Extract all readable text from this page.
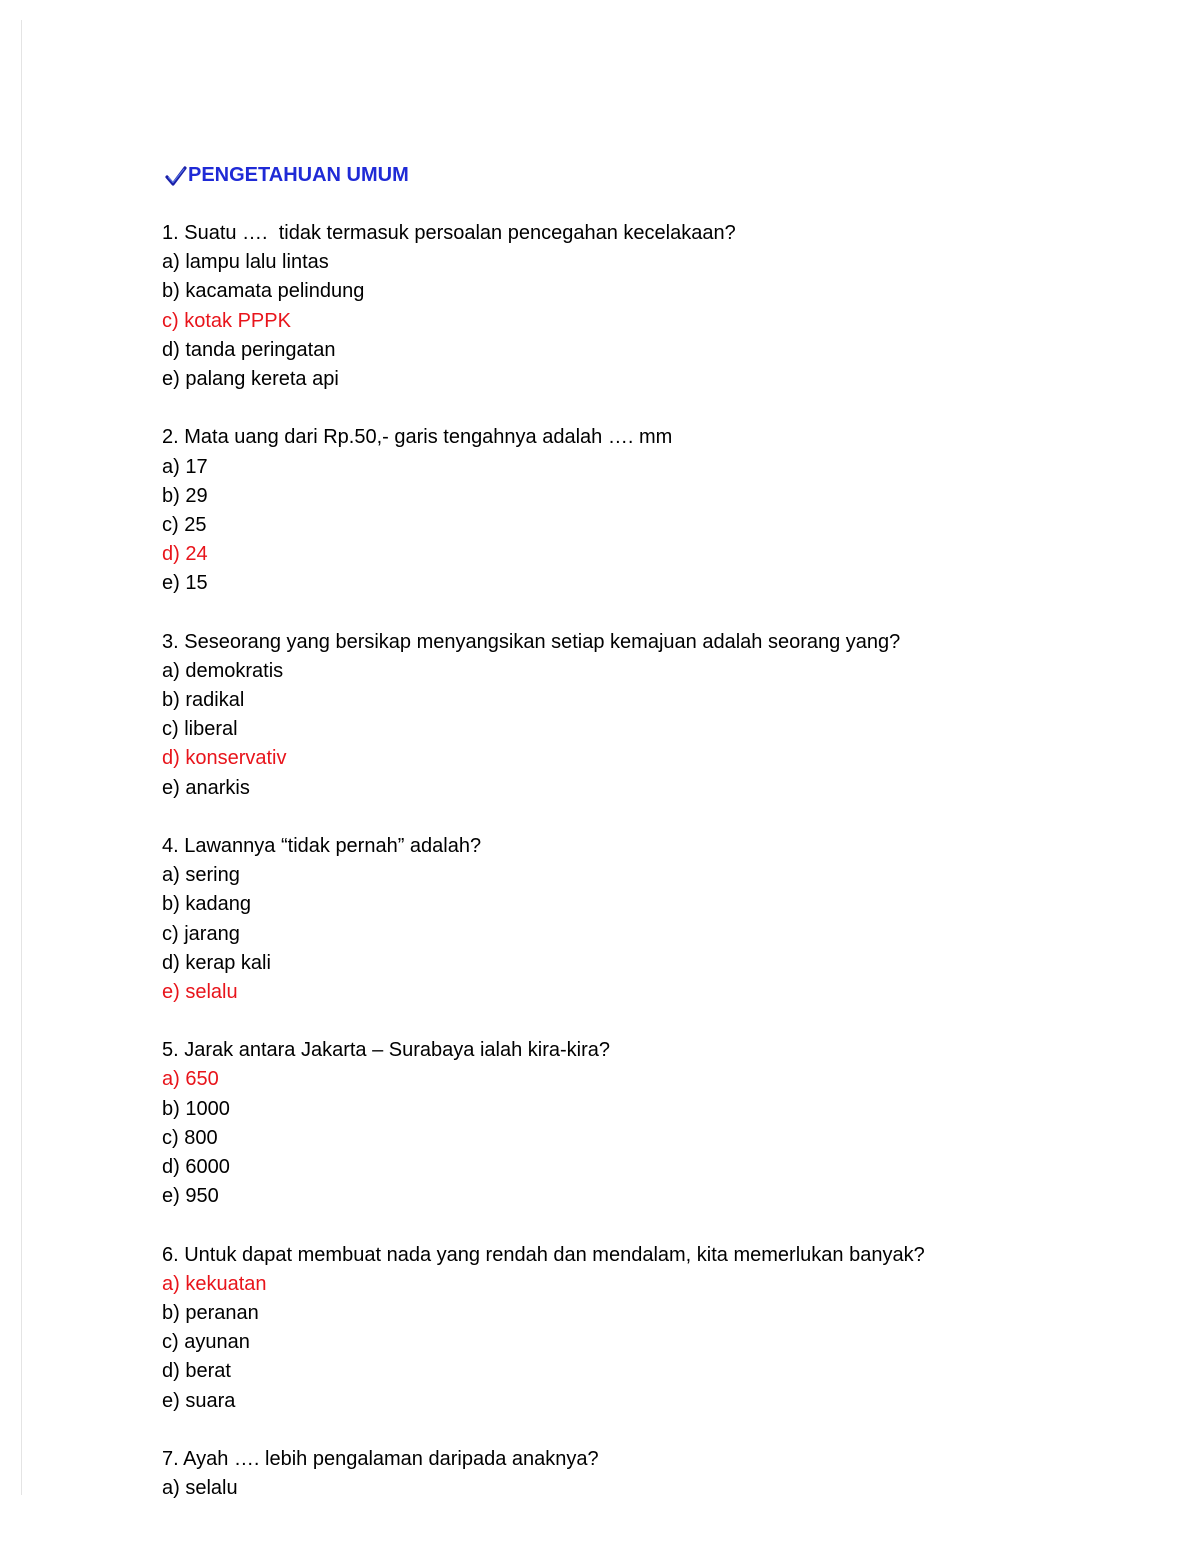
PENGETAHUAN UMUM
1. Suatu ….  tidak termasuk persoalan pencegahan kecelakaan?
a) lampu lalu lintas
b) kacamata pelindung
c) kotak PPPK
d) tanda peringatan
e) palang kereta api
2. Mata uang dari Rp.50,- garis tengahnya adalah …. mm
a) 17
b) 29
c) 25
d) 24
e) 15
3. Seseorang yang bersikap menyangsikan setiap kemajuan adalah seorang yang?
a) demokratis
b) radikal
c) liberal
d) konservativ
e) anarkis
4. Lawannya “tidak pernah” adalah?
a) sering
b) kadang
c) jarang
d) kerap kali
e) selalu
5. Jarak antara Jakarta – Surabaya ialah kira-kira?
a) 650
b) 1000
c) 800
d) 6000
e) 950
6. Untuk dapat membuat nada yang rendah dan mendalam, kita memerlukan banyak?
a) kekuatan
b) peranan
c) ayunan
d) berat
e) suara
7. Ayah …. lebih pengalaman daripada anaknya?
a) selalu
